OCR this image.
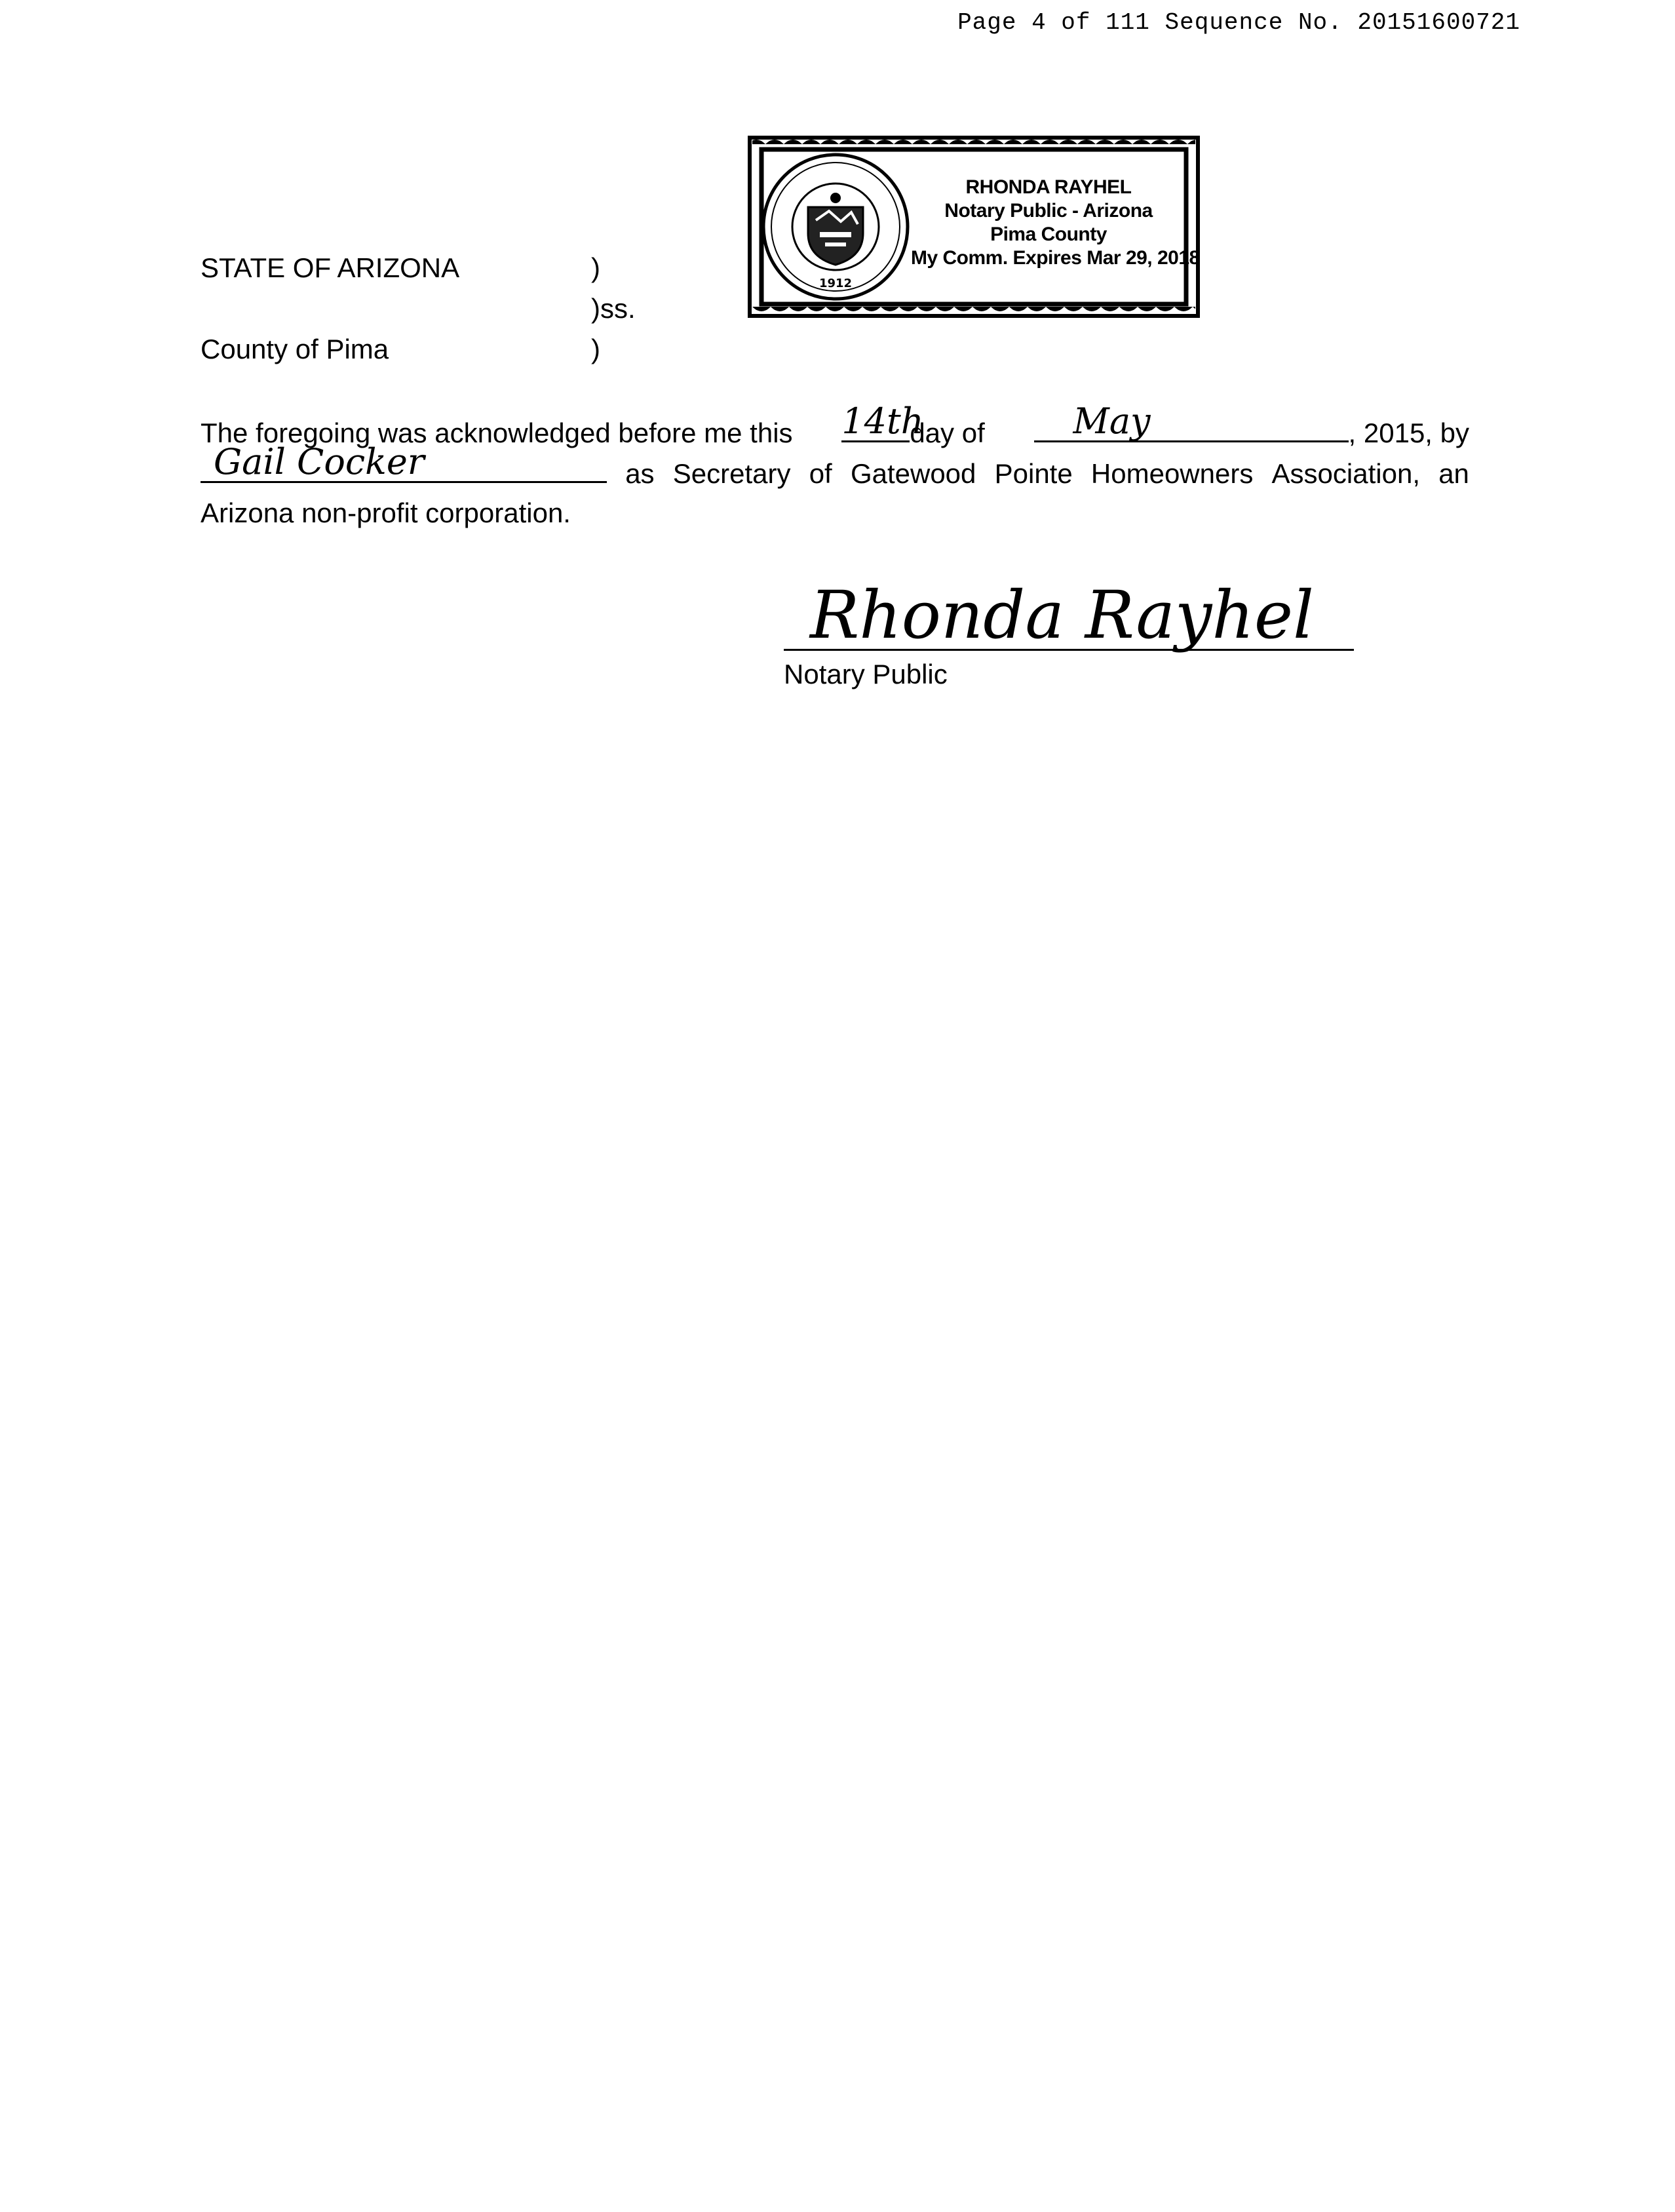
Page 4 of 111 Sequence No. 20151600721
1912
RHONDA RAYHEL
Notary Public - Arizona
Pima County
My Comm. Expires Mar 29, 2018
STATE OF ARIZONA	)
)ss.
County of Pima	)
The foregoing was acknowledged before me this 14th
day of May	, 2015, by
Gail Cocker	as Secretary of Gatewood Pointe Homeowners Association, an
Arizona non-profit corporation.
Rhonda Rayhel
Notary Public
